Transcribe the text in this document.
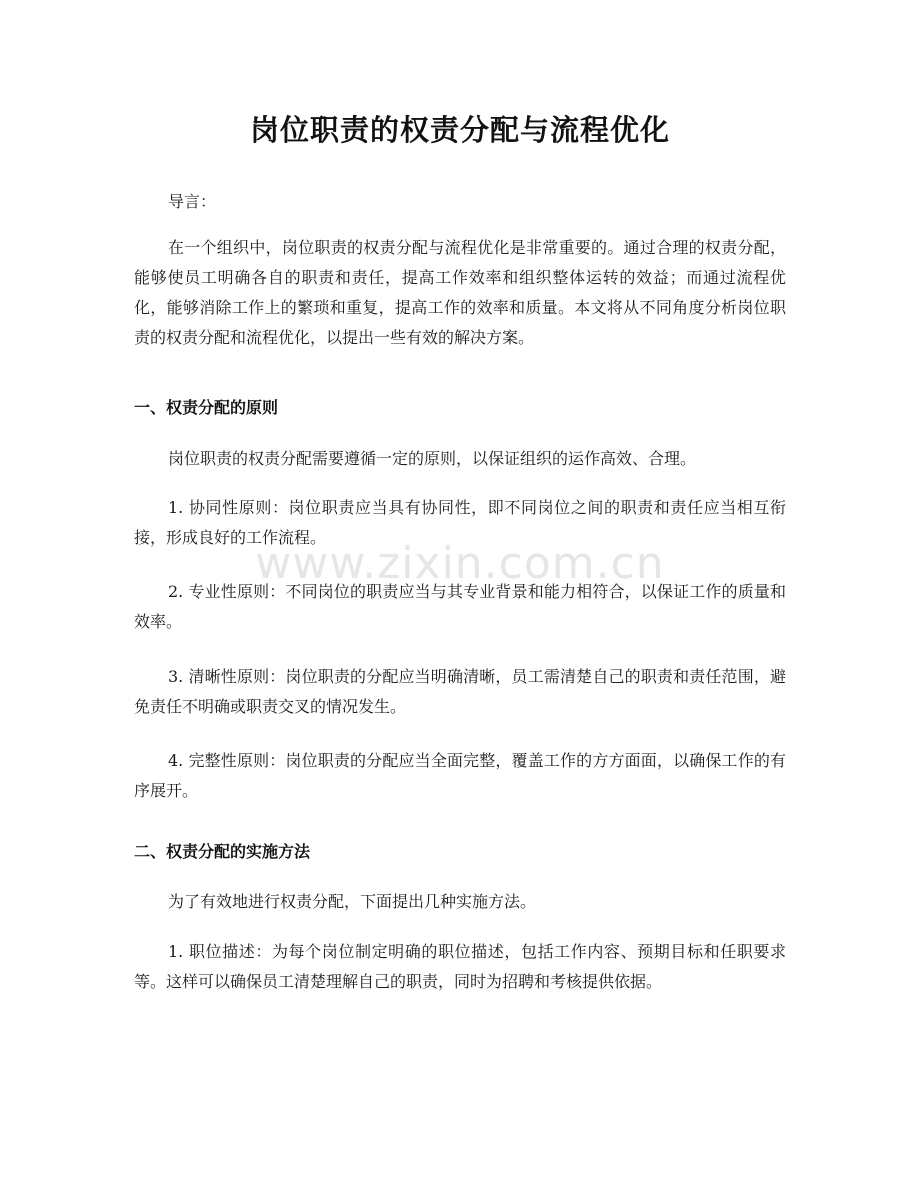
www.zixin.com.cn
岗位职责的权责分配与流程优化

导言：

在一个组织中，岗位职责的权责分配与流程优化是非常重要的。通过合理的权责分配，能够使员工明确各自的职责和责任，提高工作效率和组织整体运转的效益；而通过流程优化，能够消除工作上的繁琐和重复，提高工作的效率和质量。本文将从不同角度分析岗位职责的权责分配和流程优化，以提出一些有效的解决方案。

一、权责分配的原则

岗位职责的权责分配需要遵循一定的原则，以保证组织的运作高效、合理。

1. 协同性原则：岗位职责应当具有协同性，即不同岗位之间的职责和责任应当相互衔接，形成良好的工作流程。

2. 专业性原则：不同岗位的职责应当与其专业背景和能力相符合，以保证工作的质量和效率。

3. 清晰性原则：岗位职责的分配应当明确清晰，员工需清楚自己的职责和责任范围，避免责任不明确或职责交叉的情况发生。

4. 完整性原则：岗位职责的分配应当全面完整，覆盖工作的方方面面，以确保工作的有序展开。

二、权责分配的实施方法

为了有效地进行权责分配，下面提出几种实施方法。

1. 职位描述：为每个岗位制定明确的职位描述，包括工作内容、预期目标和任职要求等。这样可以确保员工清楚理解自己的职责，同时为招聘和考核提供依据。
